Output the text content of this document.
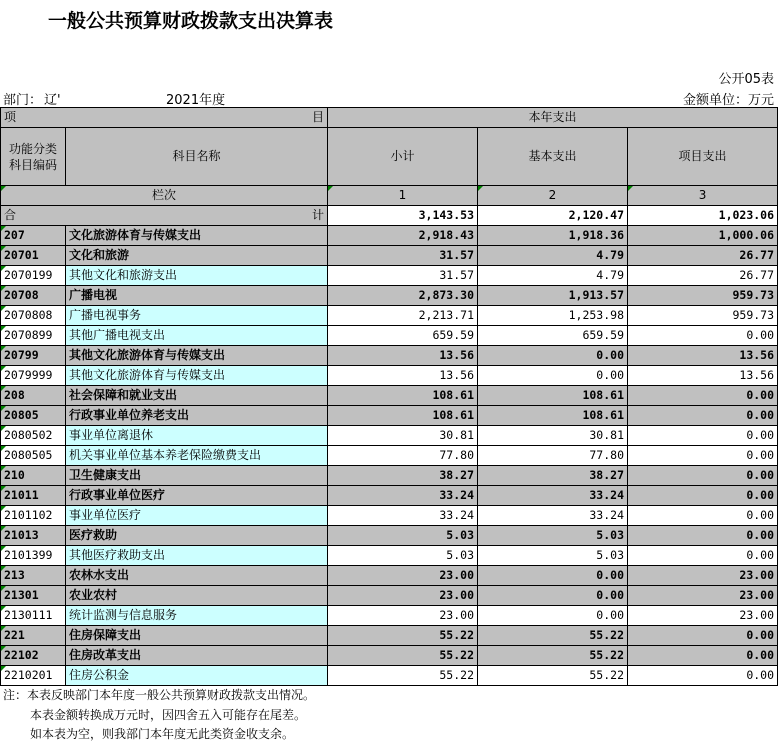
一般公共预算财政拨款支出决算表
公开05表
部门： 辽'	2021年度	金额单位：万元
项 目		本年支出		

功能分类
科目编码	科目名称	小计	基本支出	项目支出
栏次		1	2	3

合 计		3,143.53	2,120.47	1,023.06
207	文化旅游体育与传媒支出	2,918.43	1,918.36	1,000.06
20701	文化和旅游	31.57	4.79	26.77
2070199	其他文化和旅游支出	31.57	4.79	26.77
20708	广播电视	2,873.30	1,913.57	959.73
2070808	广播电视事务	2,213.71	1,253.98	959.73
2070899	其他广播电视支出	659.59	659.59	0.00
20799	其他文化旅游体育与传媒支出	13.56	0.00	13.56
2079999	其他文化旅游体育与传媒支出	13.56	0.00	13.56
208	社会保障和就业支出	108.61	108.61	0.00
20805	行政事业单位养老支出	108.61	108.61	0.00
2080502	事业单位离退休	30.81	30.81	0.00
2080505	机关事业单位基本养老保险缴费支出	77.80	77.80	0.00
210	卫生健康支出	38.27	38.27	0.00
21011	行政事业单位医疗	33.24	33.24	0.00
2101102	事业单位医疗	33.24	33.24	0.00
21013	医疗救助	5.03	5.03	0.00
2101399	其他医疗救助支出	5.03	5.03	0.00
213	农林水支出	23.00	0.00	23.00
21301	农业农村	23.00	0.00	23.00
2130111	统计监测与信息服务	23.00	0.00	23.00
221	住房保障支出	55.22	55.22	0.00
22102	住房改革支出	55.22	55.22	0.00
2210201	住房公积金	55.22	55.22	0.00
注：本表反映部门本年度一般公共预算财政拨款支出情况。
本表金额转换成万元时，因四舍五入可能存在尾差。
如本表为空，则我部门本年度无此类资金收支余。
